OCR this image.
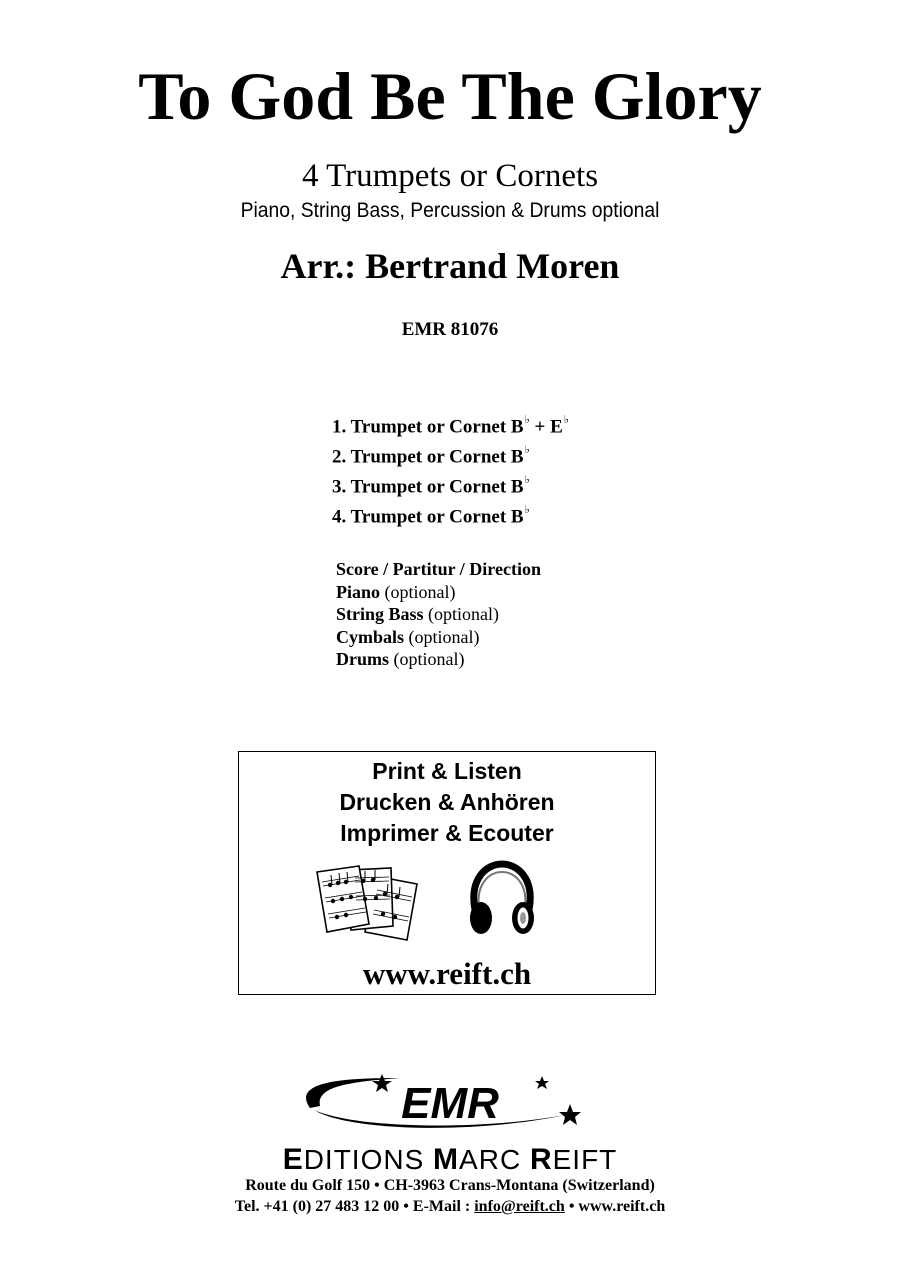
To God Be The Glory
4 Trumpets or Cornets
Piano, String Bass, Percussion & Drums optional
Arr.: Bertrand Moren
EMR 81076
1. Trumpet or Cornet B♭ + E♭
2. Trumpet or Cornet B♭
3. Trumpet or Cornet B♭
4. Trumpet or Cornet B♭
Score / Partitur / Direction
Piano (optional)
String Bass (optional)
Cymbals (optional)
Drums (optional)
Print & Listen
Drucken & Anhören
Imprimer & Ecouter
www.reift.ch
EMR
EDITIONS MARC REIFT
Route du Golf 150 • CH-3963 Crans-Montana (Switzerland)
Tel. +41 (0) 27 483 12 00 • E-Mail : info@reift.ch • www.reift.ch
